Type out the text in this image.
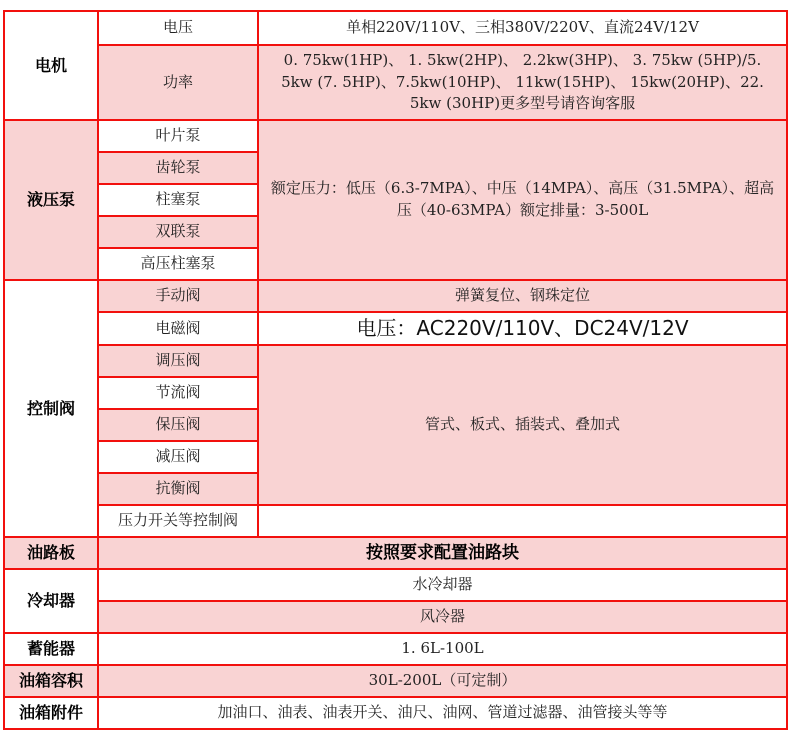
电机	电压	单相220V/110V、三相380V/220V、直流24V/12V
	功率	0. 75kw(1HP)、 1. 5kw(2HP)、 2.2kw(3HP)、 3. 75kw (5HP)/5. 5kw (7. 5HP)、7.5kw(10HP)、 11kw(15HP)、 15kw(20HP)、22. 5kw (30HP)更多型号请咨询客服
液压泵	叶片泵	额定压力：低压（6.3-7MPA）、中压（14MPA）、高压（31.5MPA）、超高压（40-63MPA）额定排量：3-500L
	齿轮泵	
	柱塞泵	
	双联泵	
	高压柱塞泵	
控制阀	手动阀	弹簧复位、钢珠定位
	电磁阀	电压：AC220V/110V、DC24V/12V
	调压阀	管式、板式、插装式、叠加式
	节流阀	
	保压阀	
	减压阀	
	抗衡阀	
	压力开关等控制阀	
油路板	按照要求配置油路块	
冷却器	水冷却器	
	风冷器	
蓄能器	1. 6L-100L	
油箱容积	30L-200L（可定制）	
油箱附件	加油口、油表、油表开关、油尺、油网、管道过滤器、油管接头等等	
